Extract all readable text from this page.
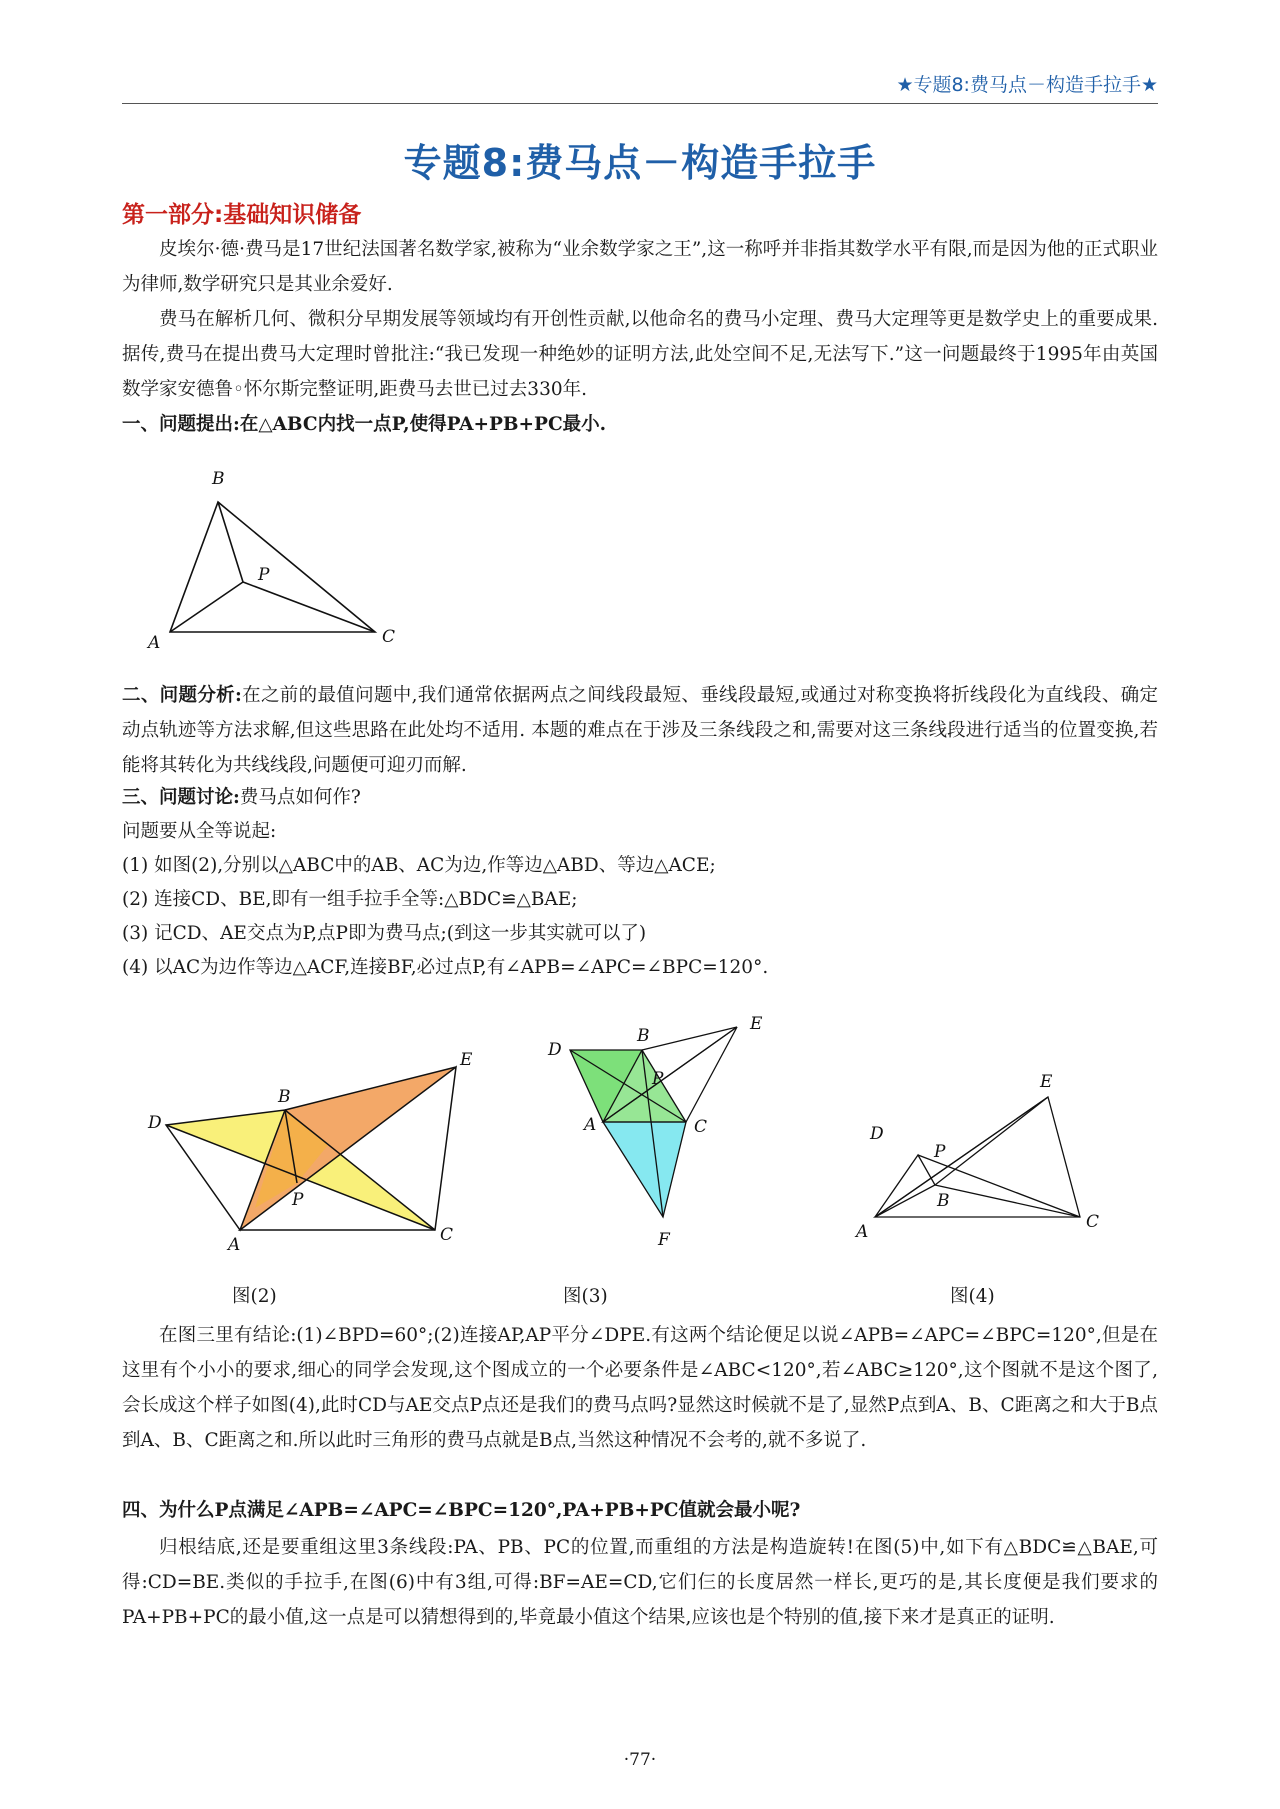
★专题8:费马点－构造手拉手★
专题8:费马点－构造手拉手
第一部分:基础知识储备
皮埃尔·德·费马是17世纪法国著名数学家,被称为“业余数学家之王”,这一称呼并非指其数学水平有限,而是因为他的正式职业为律师,数学研究只是其业余爱好.
费马在解析几何、微积分早期发展等领域均有开创性贡献,以他命名的费马小定理、费马大定理等更是数学史上的重要成果. 据传,费马在提出费马大定理时曾批注:“我已发现一种绝妙的证明方法,此处空间不足,无法写下.”这一问题最终于1995年由英国数学家安德鲁◦怀尔斯完整证明,距费马去世已过去330年.
一、问题提出:在△ABC内找一点P,使得PA+PB+PC最小.
B
P
A	C
二、问题分析:在之前的最值问题中,我们通常依据两点之间线段最短、垂线段最短,或通过对称变换将折线段化为直线段、确定动点轨迹等方法求解,但这些思路在此处均不适用. 本题的难点在于涉及三条线段之和,需要对这三条线段进行适当的位置变换,若能将其转化为共线线段,问题便可迎刃而解.
三、问题讨论:费马点如何作?
问题要从全等说起:
(1) 如图(2),分别以△ABC中的AB、AC为边,作等边△ABD、等边△ACE;
(2) 连接CD、BE,即有一组手拉手全等:△BDC≌△BAE;
(3) 记CD、AE交点为P,点P即为费马点;(到这一步其实就可以了)
(4) 以AC为边作等边△ACF,连接BF,必过点P,有∠APB=∠APC=∠BPC=120°.
E
B
D
P
A	C
E
D
B
P
A	C
F
E
D
P
B
A	C
图(2)	图(3)	图(4)
在图三里有结论:(1)∠BPD=60°;(2)连接AP,AP平分∠DPE.有这两个结论便足以说∠APB=∠APC=∠BPC=120°,但是在这里有个小小的要求,细心的同学会发现,这个图成立的一个必要条件是∠ABC<120°,若∠ABC≥120°,这个图就不是这个图了,会长成这个样子如图(4),此时CD与AE交点P点还是我们的费马点吗?显然这时候就不是了,显然P点到A、B、C距离之和大于B点到A、B、C距离之和.所以此时三角形的费马点就是B点,当然这种情况不会考的,就不多说了.
四、为什么P点满足∠APB=∠APC=∠BPC=120°,PA+PB+PC值就会最小呢?
归根结底,还是要重组这里3条线段:PA、PB、PC的位置,而重组的方法是构造旋转!在图(5)中,如下有△BDC≌△BAE,可得:CD=BE.类似的手拉手,在图(6)中有3组,可得:BF=AE=CD,它们仨的长度居然一样长,更巧的是,其长度便是我们要求的PA+PB+PC的最小值,这一点是可以猜想得到的,毕竟最小值这个结果,应该也是个特别的值,接下来才是真正的证明.
·77·
